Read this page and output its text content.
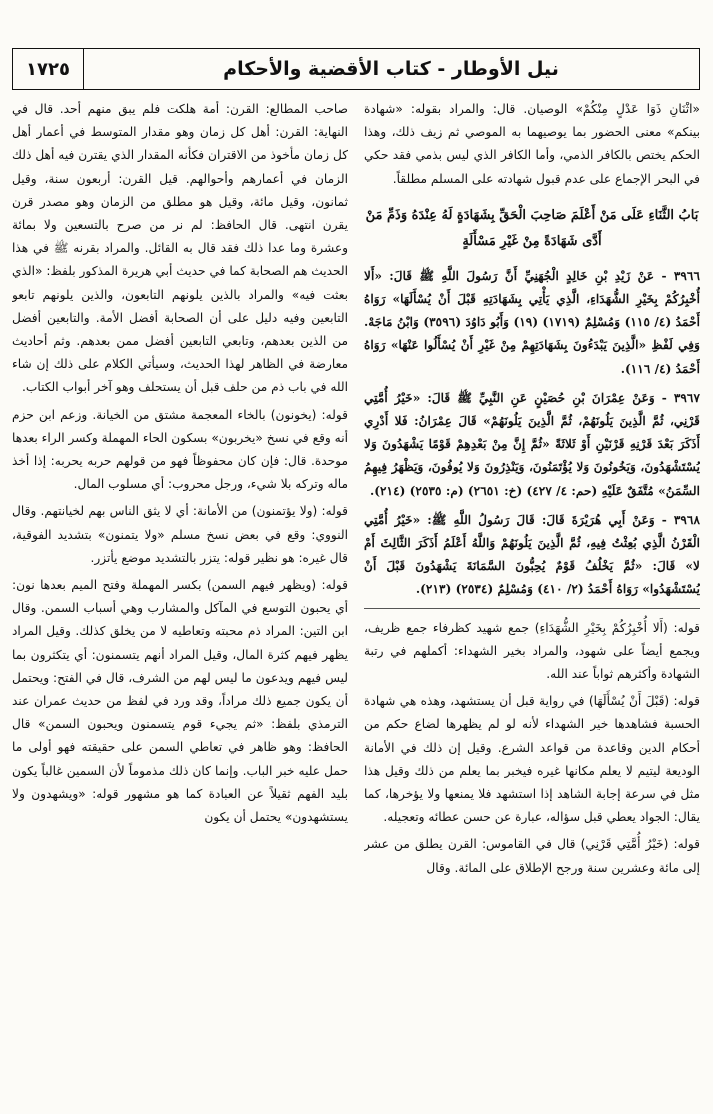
١٧٢٥	نيل الأوطار - كتاب الأقضية والأحكام

«اثْنَانِ ذَوَا عَدْلٍ مِنْكُمْ» الوصيان. قال: والمراد بقوله: «شهادة بينكم» معنى الحضور بما يوصيهما به الموصي ثم زيف ذلك، وهذا الحكم يختص بالكافر الذمي، وأما الكافر الذي ليس بذمي فقد حكي في البحر الإجماع على عدم قبول شهادته على المسلم مطلقاً.

بَابُ الثَّنَاءِ عَلَى مَنْ أَعْلَمَ صَاحِبَ الْحَقِّ بِشَهَادَةٍ لَهُ عِنْدَهُ وَذَمِّ مَنْ أَدَّى شَهَادَةً مِنْ غَيْرِ مَسْأَلَةٍ
٣٩٦٦ - عَنْ زَيْدِ بْنِ خَالِدٍ الْجُهَنِيِّ أَنَّ رَسُولَ اللَّهِ ﷺ قَالَ: «أَلا أُخْبِرُكُمْ بِخَيْرِ الشُّهَدَاءِ، الَّذِي يَأْتِي بِشَهَادَتِهِ قَبْلَ أَنْ يُسْأَلَهَا» رَوَاهُ أَحْمَدُ (٤/ ١١٥) وَمُسْلِمٌ (١٧١٩) (١٩) وَأَبُو دَاوُدَ (٣٥٩٦) وَابْنُ مَاجَهْ. وَفِي لَفْظِ «الَّذِينَ يَبْدَءُونَ بِشَهَادَتِهِمْ مِنْ غَيْرِ أَنْ يُسْأَلُوا عَنْهَا» رَوَاهُ أَحْمَدُ (٤/ ١١٦).
٣٩٦٧ - وَعَنْ عِمْرَانَ بْنِ حُصَيْنٍ عَنِ النَّبِيِّ ﷺ قَالَ: «خَيْرُ أُمَّتِي قَرْنِي، ثُمَّ الَّذِينَ يَلُونَهُمْ، ثُمَّ الَّذِينَ يَلُونَهُمْ» قَالَ عِمْرَانُ: فَلا أَدْرِي أَذَكَرَ بَعْدَ قَرْنِهِ قَرْنَيْنِ أَوْ ثَلاثَةً «ثُمَّ إِنَّ مِنْ بَعْدِهِمْ قَوْمًا يَشْهَدُونَ وَلا يُسْتَشْهَدُونَ، وَيَخُونُونَ وَلا يُؤْتَمَنُونَ، وَيَنْذِرُونَ وَلا يُوفُونَ، وَيَظْهَرُ فِيهِمُ السِّمَنُ» مُتَّفَقٌ عَلَيْهِ (حم: ٤/ ٤٢٧) (خ: ٢٦٥١) (م: ٢٥٣٥) (٢١٤).
٣٩٦٨ - وَعَنْ أَبِي هُرَيْرَةَ قَالَ: قَالَ رَسُولُ اللَّهِ ﷺ: «خَيْرُ أُمَّتِي الْقَرْنُ الَّذِي بُعِثْتُ فِيهِ، ثُمَّ الَّذِينَ يَلُونَهُمْ وَاللَّهُ أَعْلَمُ أَذَكَرَ الثَّالِثَ أَمْ لا» قَالَ: «ثُمَّ يَخْلُفُ قَوْمٌ يُحِبُّونَ السَّمَانَةَ يَشْهَدُونَ قَبْلَ أَنْ يُسْتَشْهَدُوا» رَوَاهُ أَحْمَدُ (٢/ ٤١٠) وَمُسْلِمٌ (٢٥٣٤) (٢١٣).

قوله: (أَلا أُخْبِرُكُمْ بِخَيْرِ الشُّهَدَاءِ) جمع شهيد كظرفاء جمع ظريف، ويجمع أيضاً على شهود، والمراد بخير الشهداء: أكملهم في رتبة الشهادة وأكثرهم ثواباً عند الله.

قوله: (قَبْلَ أَنْ يُسْأَلَهَا) في رواية قبل أن يستشهد، وهذه هي شهادة الحسبة فشاهدها خير الشهداء لأنه لو لم يظهرها لضاع حكم من أحكام الدين وقاعدة من قواعد الشرع. وقيل إن ذلك في الأمانة الوديعة ليتيم لا يعلم مكانها غيره فيخبر بما يعلم من ذلك وقيل هذا مثل في سرعة إجابة الشاهد إذا استشهد فلا يمنعها ولا يؤخرها، كما يقال: الجواد يعطي قبل سؤاله، عبارة عن حسن عطائه وتعجيله.

قوله: (خَيْرُ أُمَّتِي قَرْنِي) قال في القاموس: القرن يطلق من عشر إلى مائة وعشرين سنة ورجح الإطلاق على المائة. وقال

صاحب المطالع: القرن: أمة هلكت فلم يبق منهم أحد. قال في النهاية: القرن: أهل كل زمان وهو مقدار المتوسط في أعمار أهل كل زمان مأخوذ من الاقتران فكأنه المقدار الذي يقترن فيه أهل ذلك الزمان في أعمارهم وأحوالهم. قيل القرن: أربعون سنة، وقيل ثمانون، وقيل مائة، وقيل هو مطلق من الزمان وهو مصدر قرن يقرن انتهى. قال الحافظ: لم نر من صرح بالتسعين ولا بمائة وعشرة وما عدا ذلك فقد قال به القائل. والمراد بقرنه ﷺ في هذا الحديث هم الصحابة كما في حديث أبي هريرة المذكور بلفظ: «الذي بعثت فيه» والمراد بالذين يلونهم التابعون، والذين يلونهم تابعو التابعين وفيه دليل على أن الصحابة أفضل الأمة. والتابعين أفضل من الذين بعدهم، وتابعي التابعين أفضل ممن بعدهم. وثم أحاديث معارضة في الظاهر لهذا الحديث، وسيأتي الكلام على ذلك إن شاء الله في باب ذم من حلف قبل أن يستحلف وهو آخر أبواب الكتاب.

قوله: (يخونون) بالخاء المعجمة مشتق من الخيانة. وزعم ابن حزم أنه وقع في نسخ «يخربون» بسكون الحاء المهملة وكسر الراء بعدها موحدة. قال: فإن كان محفوظاً فهو من قولهم حربه يحربه: إذا أخذ ماله وتركه بلا شيء، ورجل محروب: أي مسلوب المال.

قوله: (ولا يؤتمنون) من الأمانة: أي لا يثق الناس بهم لخيانتهم. وقال النووي: وقع في بعض نسخ مسلم «ولا يتمنون» بتشديد الفوقية، قال غيره: هو نظير قوله: يتزر بالتشديد موضع يأتزر.

قوله: (ويظهر فيهم السمن) بكسر المهملة وفتح الميم بعدها نون: أي يحبون التوسع في المآكل والمشارب وهي أسباب السمن. وقال ابن التين: المراد ذم محبته وتعاطيه لا من يخلق كذلك. وقيل المراد يظهر فيهم كثرة المال، وقيل المراد أنهم يتسمنون: أي يتكثرون بما ليس فيهم ويدعون ما ليس لهم من الشرف، قال في الفتح: ويحتمل أن يكون جميع ذلك مراداً، وقد ورد في لفظ من حديث عمران عند الترمذي بلفظ: «ثم يجيء قوم يتسمنون ويحبون السمن» قال الحافظ: وهو ظاهر في تعاطي السمن على حقيقته فهو أولى ما حمل عليه خبر الباب. وإنما كان ذلك مذموماً لأن السمين غالباً يكون بليد الفهم ثقيلاً عن العبادة كما هو مشهور قوله: «ويشهدون ولا يستشهدون» يحتمل أن يكون
